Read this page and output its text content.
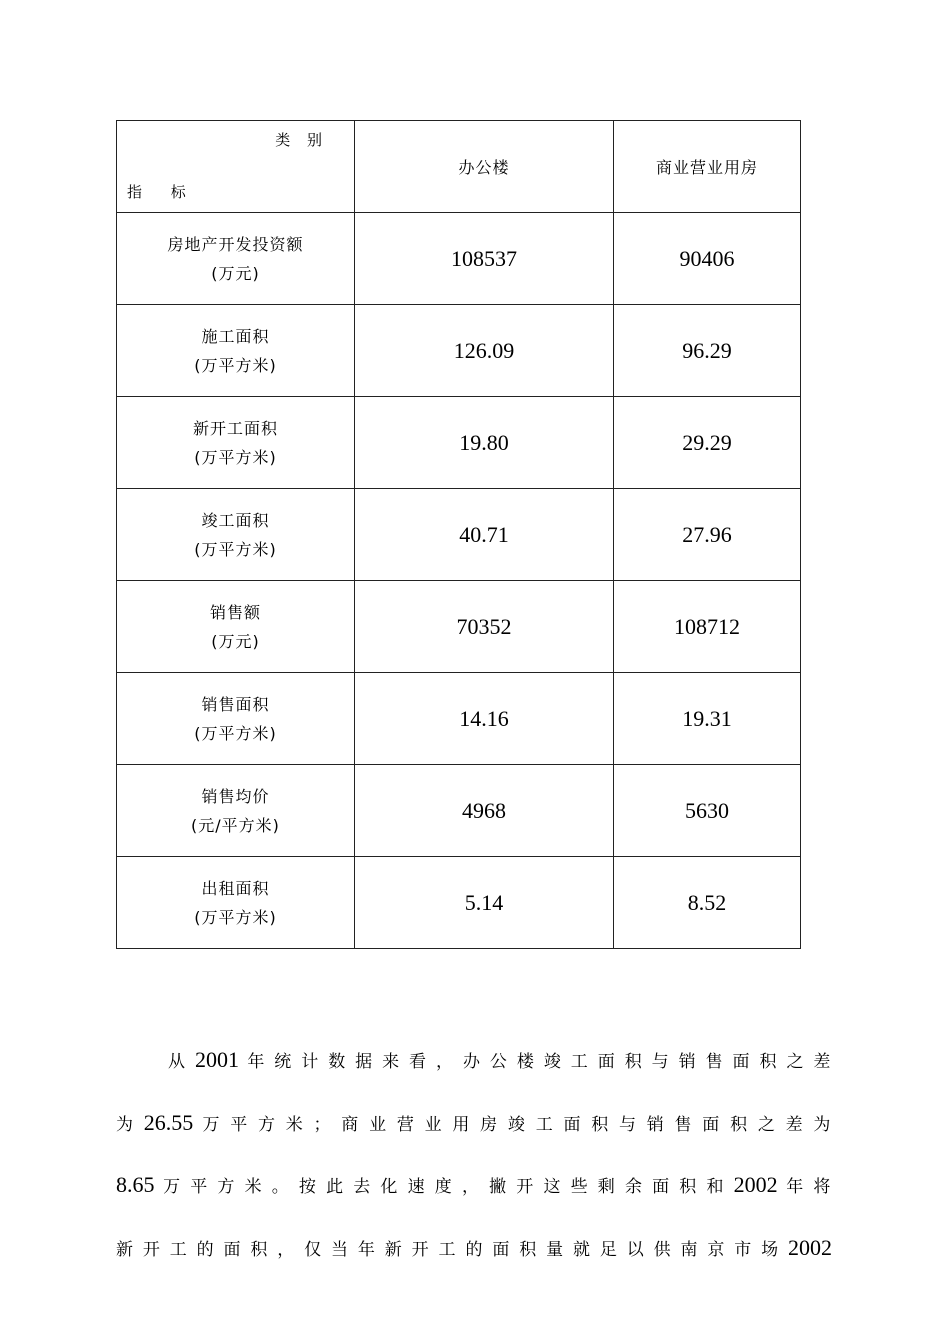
类 别
指 标	办公楼	商业营业用房

房地产开发投资额
(万元)	108537	90406

施工面积
(万平方米)	126.09	96.29

新开工面积
(万平方米)	19.80	29.29

竣工面积
(万平方米)	40.71	27.96

销售额
(万元)	70352	108712

销售面积
(万平方米)	14.16	19.31

销售均价
(元/平方米)	4968	5630

出租面积
(万平方米)	5.14	8.52
从2001年统计数据来看，办公楼竣工面积与销售面积之差
为26.55万平方米；商业营业用房竣工面积与销售面积之差为
8.65万平方米。按此去化速度，撇开这些剩余面积和2002年将
新开工的面积，仅当年新开工的面积量就足以供南京市场2002
